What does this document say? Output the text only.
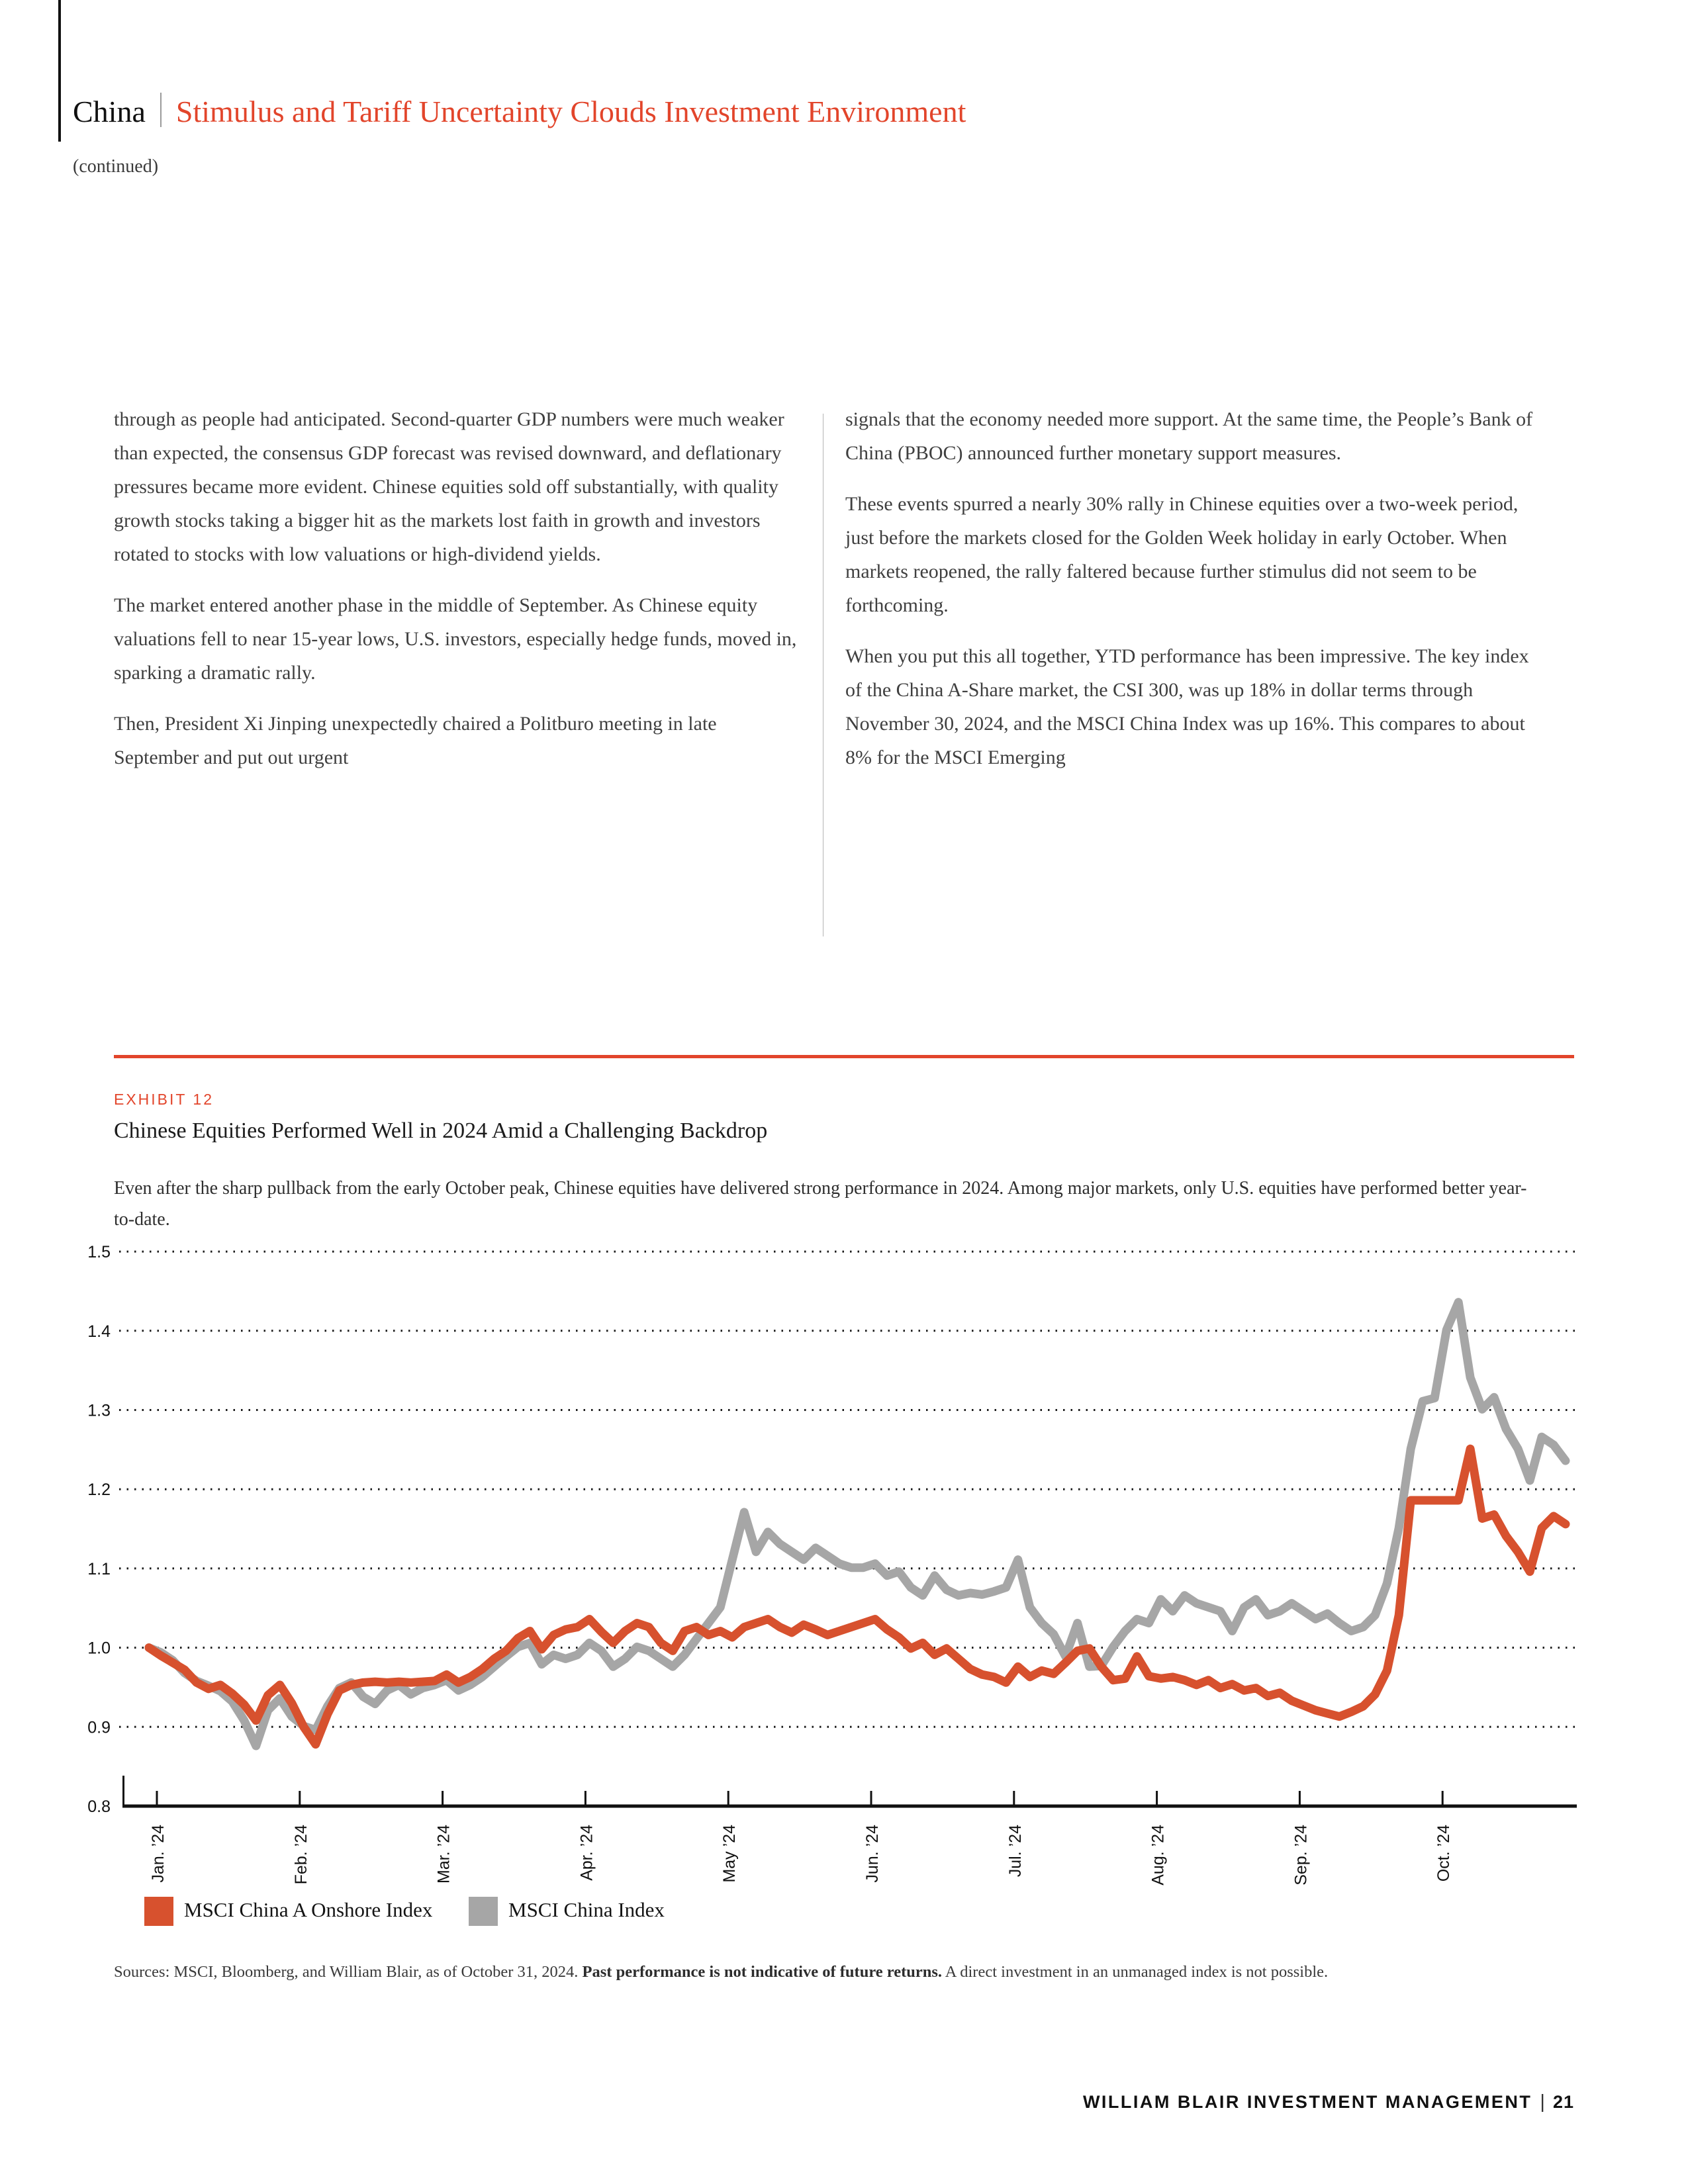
China Stimulus and Tariff Uncertainty Clouds Investment Environment
(continued)

through as people had anticipated. Second-quarter GDP numbers were much weaker than expected, the consensus GDP forecast was revised downward, and deflationary pressures became more evident. Chinese equities sold off substantially, with quality growth stocks taking a bigger hit as the markets lost faith in growth and investors rotated to stocks with low valuations or high-dividend yields.

The market entered another phase in the middle of September. As Chinese equity valuations fell to near 15-year lows, U.S. investors, especially hedge funds, moved in, sparking a dramatic rally.

Then, President Xi Jinping unexpectedly chaired a Politburo meeting in late September and put out urgent

signals that the economy needed more support. At the same time, the People’s Bank of China (PBOC) announced further monetary support measures.

These events spurred a nearly 30% rally in Chinese equities over a two-week period, just before the markets closed for the Golden Week holiday in early October. When markets reopened, the rally faltered because further stimulus did not seem to be forthcoming.

When you put this all together, YTD performance has been impressive. The key index of the China A-Share market, the CSI 300, was up 18% in dollar terms through November 30, 2024, and the MSCI China Index was up 16%. This compares to about 8% for the MSCI Emerging

EXHIBIT 12
Chinese Equities Performed Well in 2024 Amid a Challenging Backdrop
Even after the sharp pullback from the early October peak, Chinese equities have delivered strong performance in 2024. Among major markets, only U.S. equities have performed better year-to-date.
0.8
0.9
1.0
1.1
1.2
1.3
1.4
1.5
Jan. ’24	Feb. ’24	Mar. ’24	Apr. ’24	May ’24	Jun. ’24	Jul. ’24	Aug. ’24	Sep. ’24	Oct. ’24
MSCI China A Onshore Index	MSCI China Index
Sources: MSCI, Bloomberg, and William Blair, as of October 31, 2024. Past performance is not indicative of future returns. A direct investment in an unmanaged index is not possible.
WILLIAM BLAIR INVESTMENT MANAGEMENT | 21
